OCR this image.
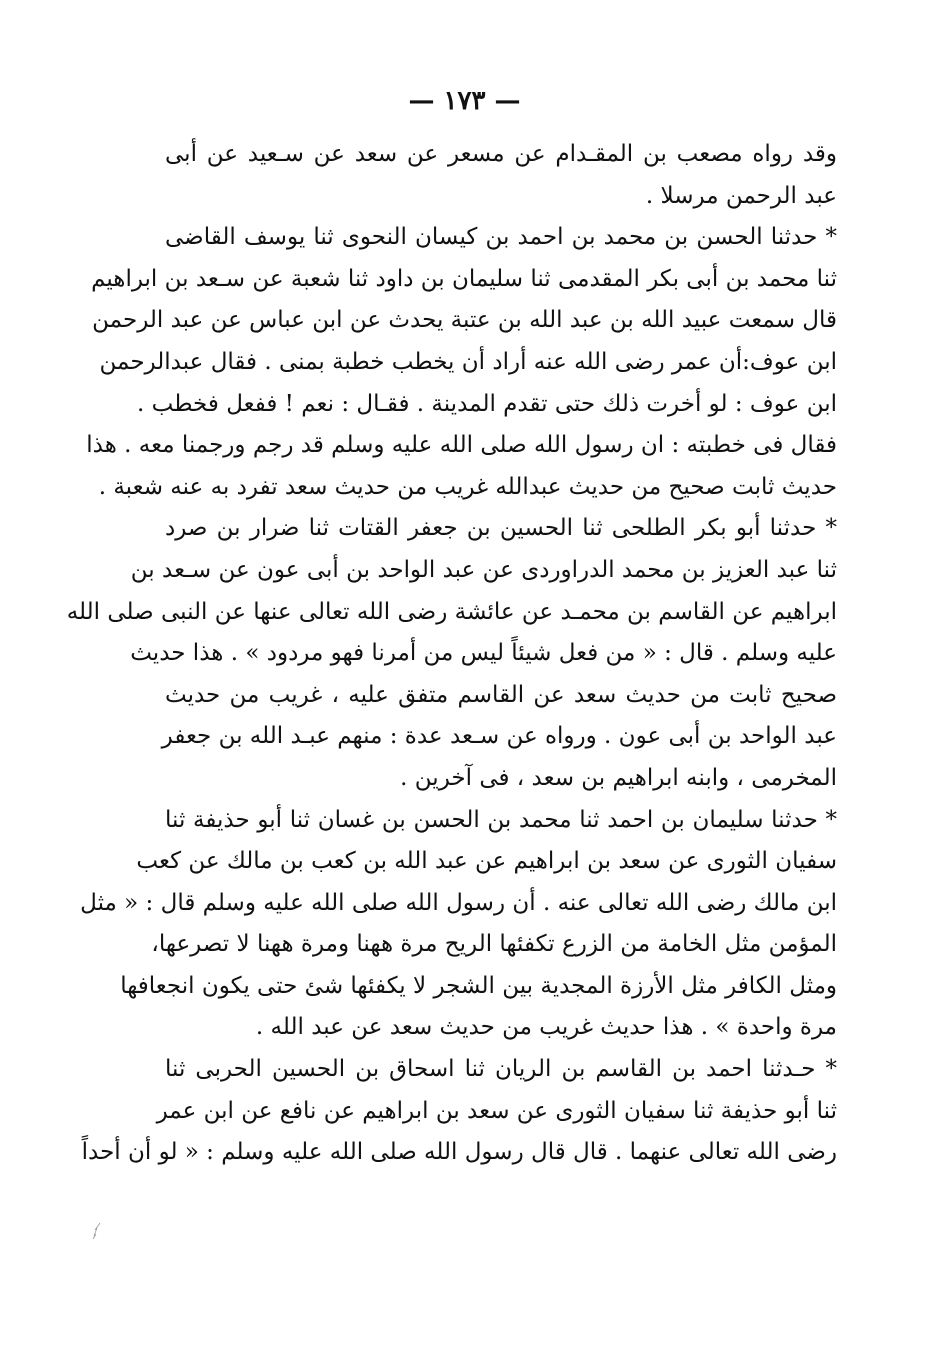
— ١٧٣ —
وقد رواه مصعب بن المقـدام عن مسعر عن سعد عن سـعيد عن أبى
عبد الرحمن مرسلا .
* حدثنا الحسن بن محمد بن احمد بن كيسان النحوى ثنا يوسف القاضى
ثنا محمد بن أبى بكر المقدمى ثنا سليمان بن داود ثنا شعبة عن سـعد بن ابراهيم
قال سمعت عبيد الله بن عبد الله بن عتبة يحدث عن ابن عباس عن عبد الرحمن
ابن عوف:أن عمر رضى الله عنه أراد أن يخطب خطبة بمنى . فقال عبدالرحمن
ابن عوف : لو أخرت ذلك حتى تقدم المدينة . فقـال : نعم ! ففعل فخطب .
فقال فى خطبته : ان رسول الله صلى الله عليه وسلم قد رجم ورجمنا معه . هذا
حديث ثابت صحيح من حديث عبدالله غريب من حديث سعد تفرد به عنه شعبة .
* حدثنا أبو بكر الطلحى ثنا الحسين بن جعفر القتات ثنا ضرار بن صرد
ثنا عبد العزيز بن محمد الدراوردى عن عبد الواحد بن أبى عون عن سـعد بن
ابراهيم عن القاسم بن محمـد عن عائشة رضى الله تعالى عنها عن النبى صلى الله
عليه وسلم . قال : « من فعل شيئاً ليس من أمرنا فهو مردود » . هذا حديث
صحيح ثابت من حديث سعد عن القاسم متفق عليه ، غريب من حديث
عبد الواحد بن أبى عون . ورواه عن سـعد عدة : منهم عبـد الله بن جعفر
المخرمى ، وابنه ابراهيم بن سعد ، فى آخرين .
* حدثنا سليمان بن احمد ثنا محمد بن الحسن بن غسان ثنا أبو حذيفة ثنا
سفيان الثورى عن سعد بن ابراهيم عن عبد الله بن كعب بن مالك عن كعب
ابن مالك رضى الله تعالى عنه . أن رسول الله صلى الله عليه وسلم قال : « مثل
المؤمن مثل الخامة من الزرع تكفئها الريح مرة ههنا ومرة ههنا لا تصرعها،
ومثل الكافر مثل الأرزة المجدية بين الشجر لا يكفئها شئ حتى يكون انجعافها
مرة واحدة » . هذا حديث غريب من حديث سعد عن عبد الله .
* حـدثنا احمد بن القاسم بن الريان ثنا اسحاق بن الحسين الحربى ثنا
ثنا أبو حذيفة ثنا سفيان الثورى عن سعد بن ابراهيم عن نافع عن ابن عمر
رضى الله تعالى عنهما . قال قال رسول الله صلى الله عليه وسلم : « لو أن أحداً
